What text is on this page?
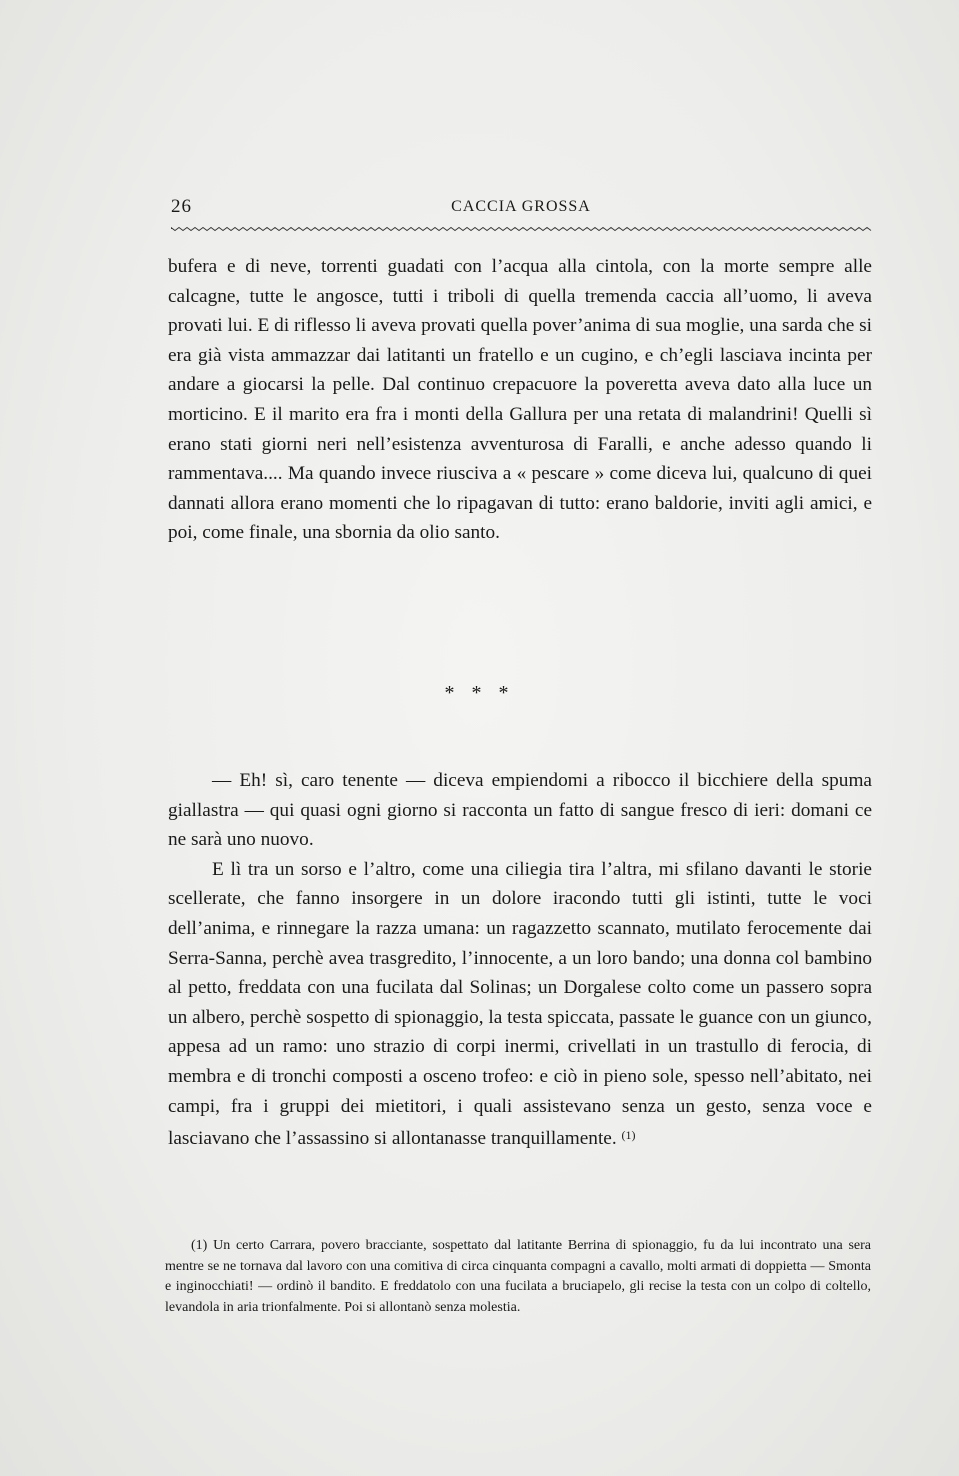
26	CACCIA GROSSA

bufera e di neve, torrenti guadati con l’acqua alla cintola, con la morte sempre alle calcagne, tutte le angosce, tutti i triboli di quella tremenda caccia all’uomo, li aveva provati lui. E di riflesso li aveva provati quella pover’anima di sua moglie, una sarda che si era già vista ammazzar dai latitanti un fratello e un cugino, e ch’egli lasciava incinta per andare a giocarsi la pelle. Dal continuo crepacuore la poveretta aveva dato alla luce un morticino. E il marito era fra i monti della Gallura per una retata di malandrini! Quelli sì erano stati giorni neri nell’esistenza avventurosa di Faralli, e anche adesso quando li rammentava.... Ma quando invece riusciva a « pescare » come diceva lui, qualcuno di quei dannati allora erano momenti che lo ripagavan di tutto: erano baldorie, inviti agli amici, e poi, come finale, una sbornia da olio santo.

* * *

— Eh! sì, caro tenente — diceva empiendomi a ribocco il bicchiere della spuma giallastra — qui quasi ogni giorno si racconta un fatto di sangue fresco di ieri: domani ce ne sarà uno nuovo.

E lì tra un sorso e l’altro, come una ciliegia tira l’altra, mi sfilano davanti le storie scellerate, che fanno insorgere in un dolore iracondo tutti gli istinti, tutte le voci dell’anima, e rinnegare la razza umana: un ragazzetto scannato, mutilato ferocemente dai Serra-Sanna, perchè avea trasgredito, l’innocente, a un loro bando; una donna col bambino al petto, freddata con una fucilata dal Solinas; un Dorgalese colto come un passero sopra un albero, perchè sospetto di spionaggio, la testa spiccata, passate le guance con un giunco, appesa ad un ramo: uno strazio di corpi inermi, crivellati in un trastullo di ferocia, di membra e di tronchi composti a osceno trofeo: e ciò in pieno sole, spesso nell’abitato, nei campi, fra i gruppi dei mietitori, i quali assistevano senza un gesto, senza voce e lasciavano che l’assassino si allontanasse tranquillamente. $^{(1)}$

(1) Un certo Carrara, povero bracciante, sospettato dal latitante Berrina di spionaggio, fu da lui incontrato una sera mentre se ne tornava dal lavoro con una comitiva di circa cinquanta compagni a cavallo, molti armati di doppietta — Smonta e inginocchiati! — ordinò il bandito. E freddatolo con una fucilata a bruciapelo, gli recise la testa con un colpo di coltello, levandola in aria trionfalmente. Poi si allontanò senza molestia.
